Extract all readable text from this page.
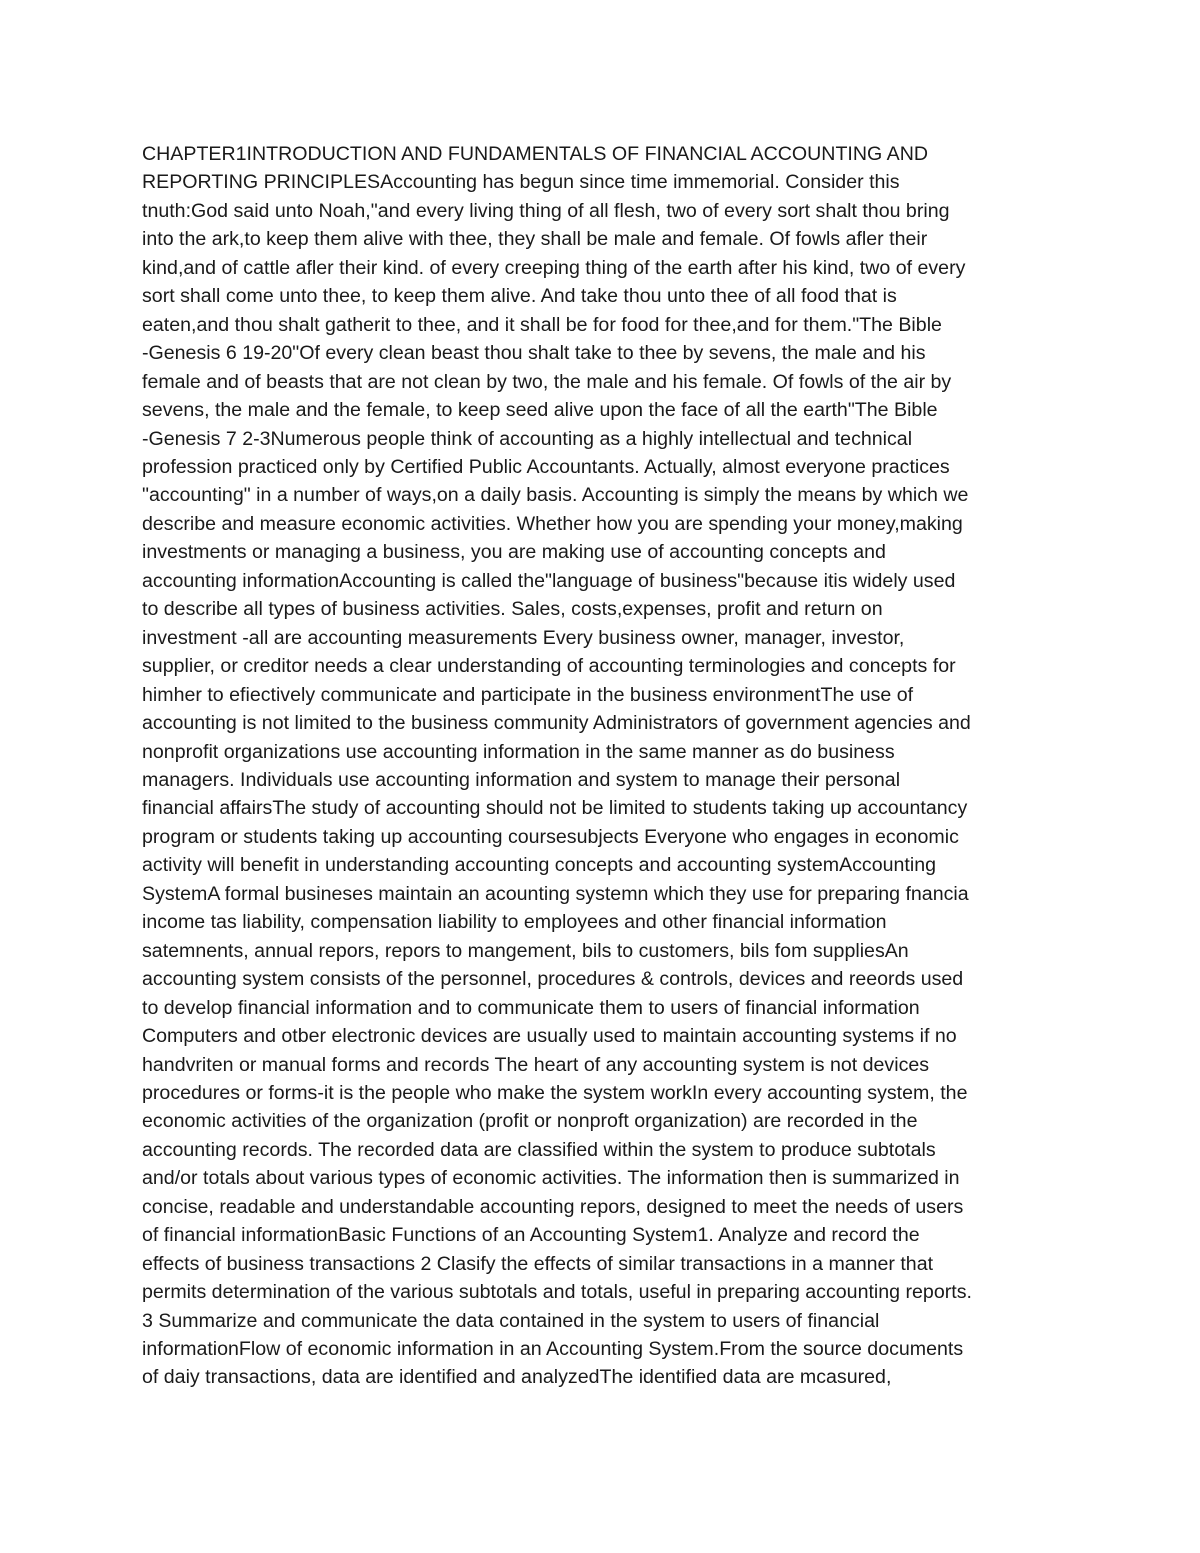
CHAPTER1INTRODUCTION AND FUNDAMENTALS OF FINANCIAL ACCOUNTING AND
REPORTING PRINCIPLESAccounting has begun since time immemorial. Consider this
tnuth:God said unto Noah,"and every living thing of all flesh, two of every sort shalt thou bring
into the ark,to keep them alive with thee, they shall be male and female. Of fowls afler their
kind,and of cattle afler their kind. of every creeping thing of the earth after his kind, two of every
sort shall come unto thee, to keep them alive. And take thou unto thee of all food that is
eaten,and thou shalt gatherit to thee, and it shall be for food for thee,and for them."The Bible
-Genesis 6 19-20"Of every clean beast thou shalt take to thee by sevens, the male and his
female and of beasts that are not clean by two, the male and his female. Of fowls of the air by
sevens, the male and the female, to keep seed alive upon the face of all the earth"The Bible
-Genesis 7 2-3Numerous people think of accounting as a highly intellectual and technical
profession practiced only by Certified Public Accountants. Actually, almost everyone practices
"accounting" in a number of ways,on a daily basis. Accounting is simply the means by which we
describe and measure economic activities. Whether how you are spending your money,making
investments or managing a business, you are making use of accounting concepts and
accounting informationAccounting is called the"language of business"because itis widely used
to describe all types of business activities. Sales, costs,expenses, profit and return on
investment -all are accounting measurements Every business owner, manager, investor,
supplier, or creditor needs a clear understanding of accounting terminologies and concepts for
himher to efiectively communicate and participate in the business environmentThe use of
accounting is not limited to the business community Administrators of government agencies and
nonprofit organizations use accounting information in the same manner as do business
managers. Individuals use accounting information and system to manage their personal
financial affairsThe study of accounting should not be limited to students taking up accountancy
program or students taking up accounting coursesubjects Everyone who engages in economic
activity will benefit in understanding accounting concepts and accounting systemAccounting
SystemA formal busineses maintain an acounting systemn which they use for preparing fnancia
income tas liability, compensation liability to employees and other financial information
satemnents, annual repors, repors to mangement, bils to customers, bils fom suppliesAn
accounting system consists of the personnel, procedures & controls, devices and reeords used
to develop financial information and to communicate them to users of financial information
Computers and otber electronic devices are usually used to maintain accounting systems if no
handvriten or manual forms and records The heart of any accounting system is not devices
procedures or forms-it is the people who make the system workIn every accounting system, the
economic activities of the organization (profit or nonproft organization) are recorded in the
accounting records. The recorded data are classified within the system to produce subtotals
and/or totals about various types of economic activities. The information then is summarized in
concise, readable and understandable accounting repors, designed to meet the needs of users
of financial informationBasic Functions of an Accounting System1. Analyze and record the
effects of business transactions 2 Clasify the effects of similar transactions in a manner that
permits determination of the various subtotals and totals, useful in preparing accounting reports.
3 Summarize and communicate the data contained in the system to users of financial
informationFlow of economic information in an Accounting System.From the source documents
of daiy transactions, data are identified and analyzedThe identified data are mcasured,
